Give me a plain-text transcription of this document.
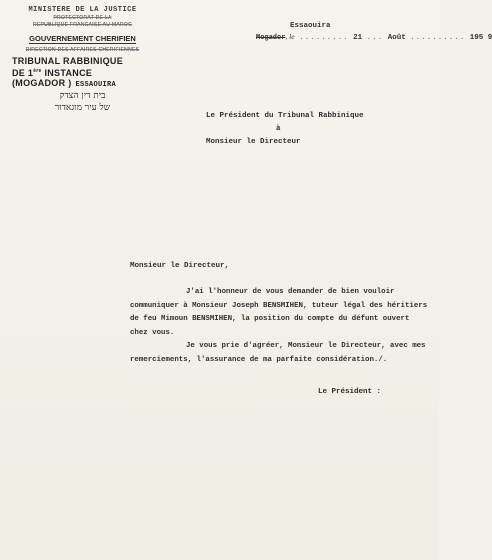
MINISTERE DE LA JUSTICE
PROTECTORAT DE LA
REPUBLIQUE FRANCAISE AU MAROC
GOUVERNEMENT CHERIFIEN
DIRECTION DES AFFAIRES CHERIFIENNES
TRIBUNAL RABBINIQUE
DE 1ère INSTANCE
(MOGADOR ) ESSAOUIRA
בית דין הצדק
של עיר מוגאדור
Essaouira
Mogador, le ......... 21 ... Août .......... 195 9
Le Président du Tribunal Rabbinique
à
Monsieur le Directeur
Monsieur le Directeur,

J'ai l'honneur de vous demander de bien vouloir communiquer à Monsieur Joseph BENSMIHEN, tuteur légal des héritiers de feu Mimoun BENSMIHEN, la position du compte du défunt ouvert chez vous.

Je vous prie d'agréer, Monsieur le Directeur, avec mes remerciements, l'assurance de ma parfaite considération./.

Le Président :
